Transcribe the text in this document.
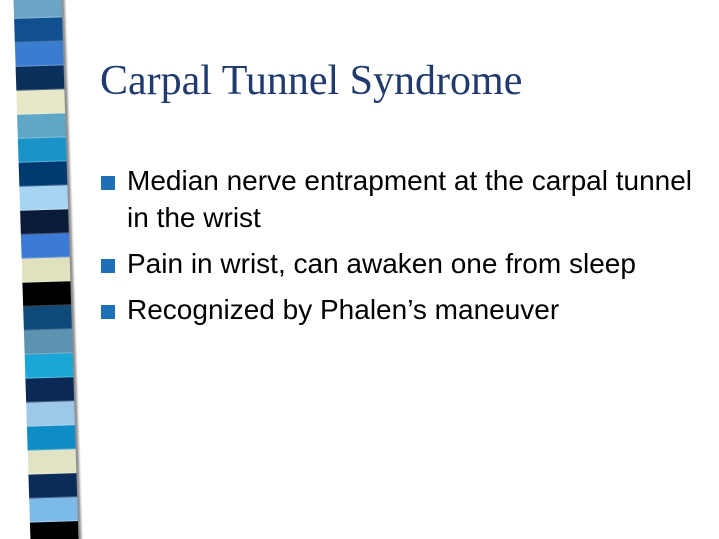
Carpal Tunnel Syndrome
Median nerve entrapment at the carpal tunnel in the wrist
Pain in wrist, can awaken one from sleep
Recognized by Phalen’s maneuver
